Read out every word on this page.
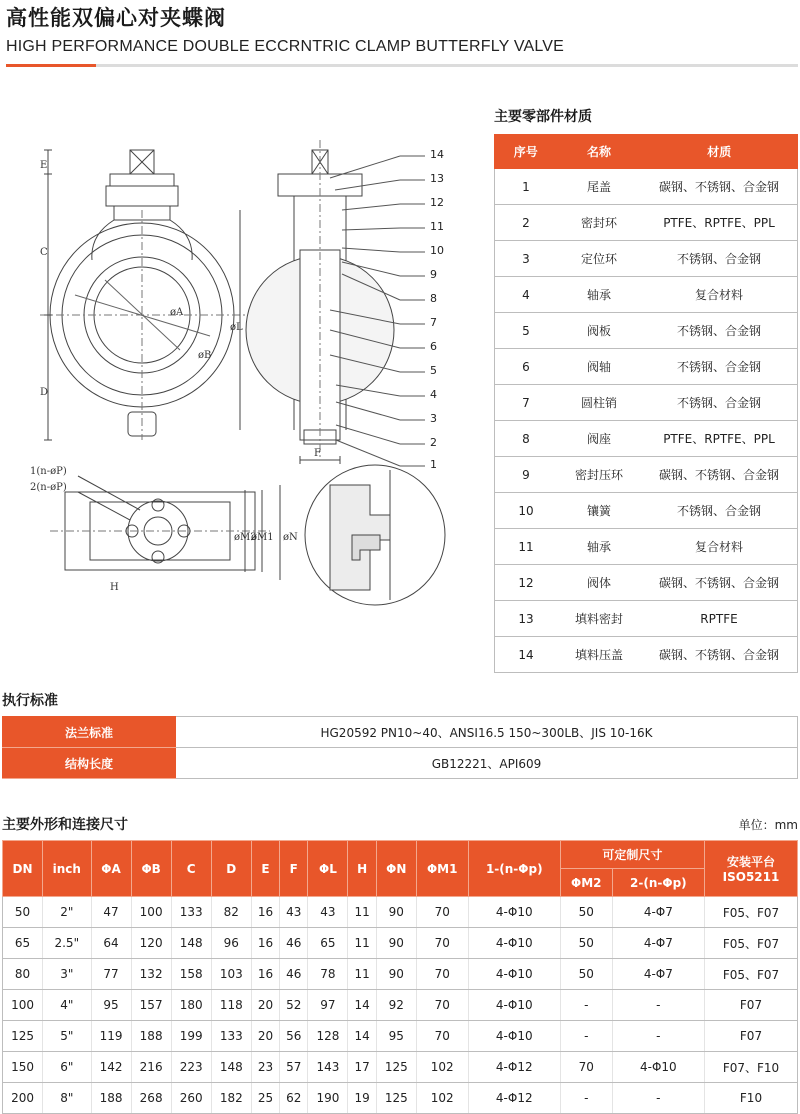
高性能双偏心对夹蝶阀
HIGH PERFORMANCE DOUBLE ECCRNTRIC CLAMP BUTTERFLY VALVE
E
C
D
øA
øB
øL
F
1(n-øP)
2(n-øP)
øM2
øM1 øN
H
14
13
12
11
10
9
8
7
6
5
4
3
2
1
主要零部件材质
序号	名称	材质
1	尾盖	碳钢、不锈钢、合金钢
2	密封环	PTFE、RPTFE、PPL
3	定位环	不锈钢、合金钢
4	轴承	复合材料
5	阀板	不锈钢、合金钢
6	阀轴	不锈钢、合金钢
7	圆柱销	不锈钢、合金钢
8	阀座	PTFE、RPTFE、PPL
9	密封压环	碳钢、不锈钢、合金钢
10	镶簧	不锈钢、合金钢
11	轴承	复合材料
12	阀体	碳钢、不锈钢、合金钢
13	填料密封	RPTFE
14	填料压盖	碳钢、不锈钢、合金钢
执行标准
法兰标准	HG20592 PN10~40、ANSI16.5 150~300LB、JIS 10-16K
结构长度	GB12221、API609
主要外形和连接尺寸	单位：mm
DN	inch	ΦA	ΦB	C	D	E	F	ΦL	H	ΦN	ΦM1	1-(n-Φp)	可定制尺寸		安装平台
ISO5211

													ΦM2	2-(n-Φp)	
50	2"	47	100	133	82	16	43	43	11	90	70	4-Φ10	50	4-Φ7	F05、F07
65	2.5"	64	120	148	96	16	46	65	11	90	70	4-Φ10	50	4-Φ7	F05、F07
80	3"	77	132	158	103	16	46	78	11	90	70	4-Φ10	50	4-Φ7	F05、F07
100	4"	95	157	180	118	20	52	97	14	92	70	4-Φ10	-	-	F07
125	5"	119	188	199	133	20	56	128	14	95	70	4-Φ10	-	-	F07
150	6"	142	216	223	148	23	57	143	17	125	102	4-Φ12	70	4-Φ10	F07、F10
200	8"	188	268	260	182	25	62	190	19	125	102	4-Φ12	-	-	F10
